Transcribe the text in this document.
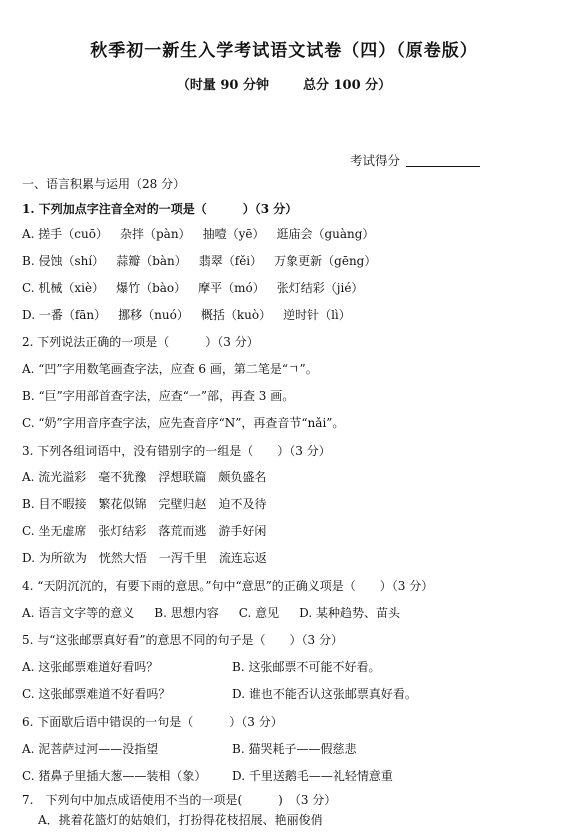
秋季初一新生入学考试语文试卷（四）（原卷版）
（时量 90 分钟	总分 100 分）
考试得分
一、语言积累与运用（28 分）
1. 下列加点字注音全对的一项是（　　　）（3 分）
A. 搓手（cuō） 杂拌（pàn） 抽噎（yē） 逛庙会（guàng）
B. 侵蚀（shí） 蒜瓣（bàn） 翡翠（fěi） 万象更新（gēng）
C. 机械（xiè） 爆竹（bào） 摩平（mó） 张灯结彩（jié）
D. 一番（fān） 挪移（nuó） 概括（kuò） 逆时针（lì）
2. 下列说法正确的一项是（　　　）（3 分）
A. “凹”字用数笔画查字法，应查 6 画，第二笔是“ㄱ”。
B. “巨”字用部首查字法，应查“一”部，再查 3 画。
C. “奶”字用音序查字法，应先查音序“N”，再查音节“nǎi”。
3. 下列各组词语中，没有错别字的一组是（　　）（3 分）
A. 流光溢彩 毫不犹豫 浮想联篇 颇负盛名
B. 目不暇接 繁花似锦 完壁归赵 迫不及待
C. 坐无虚席 张灯结彩 落荒而逃 游手好闲
D. 为所欲为 恍然大悟 一泻千里 流连忘返
4. “天阴沉沉的，有要下雨的意思。”句中“意思”的正确义项是（　　）（3 分）
A. 语言文字等的意义 B. 思想内容 C. 意见 D. 某种趋势、苗头
5. 与“这张邮票真好看”的意思不同的句子是（　　）（3 分）
A. 这张邮票难道好看吗？	B. 这张邮票不可能不好看。
C. 这张邮票难道不好看吗？	D. 谁也不能否认这张邮票真好看。
6. 下面歇后语中错误的一句是（　　　）（3 分）
A. 泥菩萨过河——没指望	B. 猫哭耗子——假慈悲
C. 猪鼻子里插大葱——装相（象） D. 千里送鹅毛——礼轻情意重
7.　下列句中加点成语使用不当的一项是(　　　)　（3 分）
A．挑着花篮灯的姑娘们，打扮得花枝招展、艳丽俊俏
